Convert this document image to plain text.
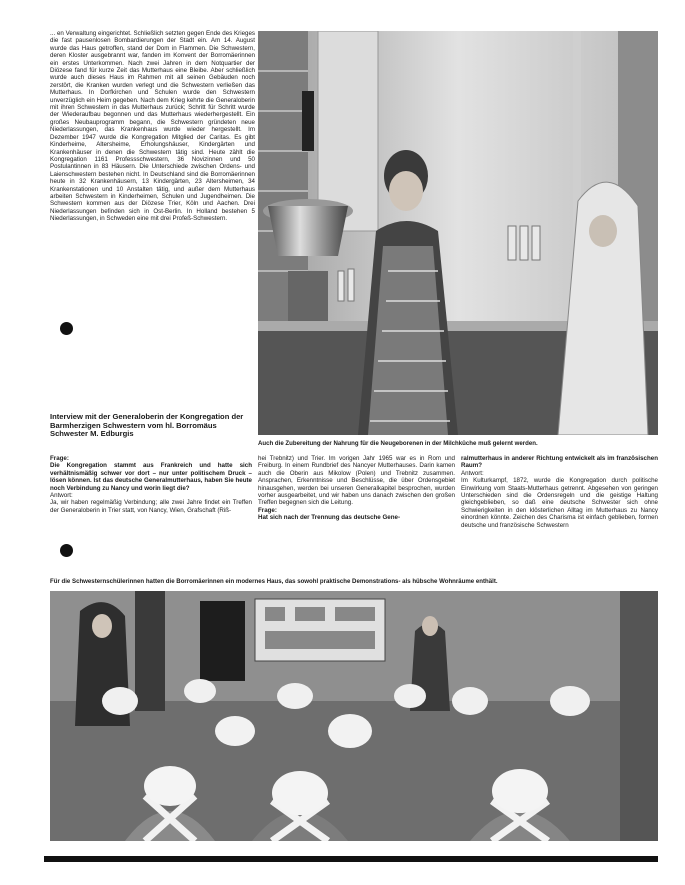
... en Verwaltung eingerichtet. Schließlich setzten gegen Ende des Krieges die fast pausenlosen Bombardierungen der Stadt ein. Am 14. August wurde das Haus getroffen, stand der Dom in Flammen. Die Schwestern, deren Kloster ausgebrannt war, fanden im Konvent der Borromäerinnen ein erstes Unterkommen. Nach zwei Jahren in dem Notquartier der Diözese fand für kurze Zeit das Mutterhaus eine Bleibe. Aber schließlich wurde auch dieses Haus im Rahmen mit all seinen Gebäuden noch zerstört, die Kranken wurden verlegt und die Schwestern verließen das Mutterhaus. In Dorfkirchen und Schulen wurde den Schwestern unverzüglich ein Heim gegeben. Nach dem Krieg kehrte die Generaloberin mit ihren Schwestern in das Mutterhaus zurück; Schritt für Schritt wurde der Wiederaufbau begonnen und das Mutterhaus wiederhergestellt. Ein großes Neubauprogramm begann, die Schwestern gründeten neue Niederlassungen, das Krankenhaus wurde wieder hergestellt. Im Dezember 1947 wurde die Kongregation Mitglied der Caritas. Es gibt Kinderheime, Altersheime, Erholungshäuser, Kindergärten und Krankenhäuser in denen die Schwestern tätig sind. Heute zählt die Kongregation 1161 Professschwestern, 36 Novizinnen und 50 Postulantinnen in 83 Häusern. Die Unterschiede zwischen Ordens- und Laienschwestern bestehen nicht. In Deutschland sind die Borromäerinnen heute in 32 Krankenhäusern, 13 Kindergärten, 23 Altersheimen, 34 Krankenstationen und 10 Anstalten tätig, und außer dem Mutterhaus arbeiten Schwestern in Kinderheimen, Schulen und Jugendheimen. Die Schwestern kommen aus der Diözese Trier, Köln und Aachen. Drei Niederlassungen befinden sich in Ost-Berlin. In Holland bestehen 5 Niederlassungen, in Schweden eine mit drei Profeß-Schwestern.

Interview mit der Generaloberin der Kongregation der Barmherzigen Schwestern vom hl. Borromäus Schwester M. Edburgis
Auch die Zubereitung der Nahrung für die Neugeborenen in der Milchküche muß gelernt werden.

Frage:

Die Kongregation stammt aus Frankreich und hatte sich verhältnismäßig schwer vor dort – nur unter politischem Druck – lösen können. Ist das deutsche Generalmutterhaus, haben Sie heute noch Verbindung zu Nancy und worin liegt die?

Antwort:

Ja, wir haben regelmäßig Verbindung; alle zwei Jahre findet ein Treffen der Generaloberin in Trier statt, von Nancy, Wien, Grafschaft (Riß-

hei Trebnitz) und Trier. Im vorigen Jahr 1965 war es in Rom und Freiburg. In einem Rundbrief des Nancyer Mutterhauses. Darin kamen auch die Oberin aus Mikolow (Polen) und Trebnitz zusammen. Ansprachen, Erkenntnisse und Beschlüsse, die über Ordensgebiet hinausgehen, werden bei unseren Generalkapitel besprochen, wurden vorher ausgearbeitet, und wir haben uns danach zwischen den großen Treffen begegnen sich die Leitung.

Frage:

Hat sich nach der Trennung das deutsche Gene-

ralmutterhaus in anderer Richtung entwickelt als im französischen Raum?

Antwort:

Im Kulturkampf, 1872, wurde die Kongregation durch politische Einwirkung vom Staats-Mutterhaus getrennt. Abgesehen von geringen Unterschieden sind die Ordensregeln und die geistige Haltung gleichgeblieben, so daß eine deutsche Schwester sich ohne Schwierigkeiten in den klösterlichen Alltag im Mutterhaus zu Nancy einordnen könnte. Zeichen des Charisma ist einfach geblieben, formen deutsche und französische Schwestern

Für die Schwesternschülerinnen hatten die Borromäerinnen ein modernes Haus, das sowohl praktische Demonstrations- als hübsche Wohnräume enthält.
